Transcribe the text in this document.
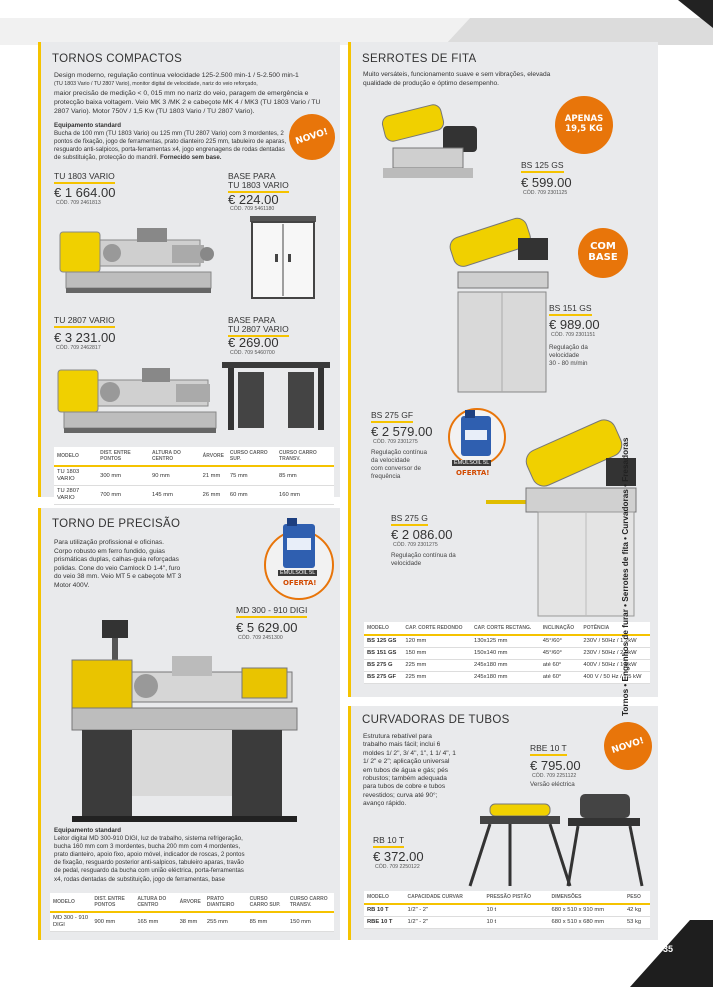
TORNOS COMPACTOS
Design moderno, regulação contínua velocidade 125-2.500 min-1 / 5-2.500 min-1
(TU 1803 Vario / TU 2807 Vario), monitor digital de velocidade, nariz do veio reforçado,
maior precisão de medição < 0, 015 mm no nariz do veio, paragem de emergência e
protecção baixa voltagem. Veio MK 3 /MK 2 e cabeçote MK 4 / MK3 (TU 1803 Vario / TU
2807 Vario). Motor 750V / 1,5 Kw (TU 1803 Vario / TU 2807 Vario).
Equipamento standard
Bucha de 100 mm (TU 1803 Vario) ou 125 mm (TU 2807 Vario) com 3 mordentes, 2
pontos de fixação, jogo de ferramentas, prato dianteiro 225 mm, tabuleiro de aparas,
resguardo anti-salpicos, porta-ferramentas x4, jogo engrenagens de rodas dentadas
de substituição, protecção do mandril. Fornecido sem base.
NOVO!
TU 1803 VARIO
€ 1 664.00
CÓD. 709 2461813
BASE PARA
TU 1803 VARIO
€ 224.00
CÓD. 709 5461180
TU 2807 VARIO
€ 3 231.00
CÓD. 709 2462817
BASE PARA
TU 2807 VARIO
€ 269.00
CÓD. 709 5460700
MODELO	DIST. ENTRE PONTOS	ALTURA DO CENTRO	ÁRVORE	CURSO CARRO SUP.	CURSO CARRO TRANSV.
TU 1803 VARIO	300 mm	90 mm	21 mm	75 mm	85 mm
TU 2807 VARIO	700 mm	145 mm	26 mm	60 mm	160 mm
TORNO DE PRECISÃO
Para utilização profissional e oficinas.
Corpo robusto em ferro fundido, guias
prismáticas duplas, calhas-guia reforçadas
polidas. Cone do veio Camlock D 1-4", furo
do veio 38 mm. Veio MT 5 e cabeçote MT 3
Motor 400V.
EMULSOIL 5L
OFERTA!
MD 300 - 910 DIGI
€ 5 629.00
CÓD. 709 2451300
Equipamento standard
Leitor digital MD 300-910 DIGI, luz de trabalho, sistema refrigeração,
bucha 160 mm com 3 mordentes, bucha 200 mm com 4 mordentes,
prato dianteiro, apoio fixo, apoio móvel, indicador de roscas, 2 pontos
de fixação, resguardo posterior anti-salpicos, tabuleiro aparas, travão
de pedal, resguardo da bucha com união eléctrica, porta-ferramentas
x4, rodas dentadas de substituição, jogo de ferramentas, base
MODELO	DIST. ENTRE PONTOS	ALTURA DO CENTRO	ÁRVORE	PRATO DIANTEIRO	CURSO CARRO SUP.	CURSO CARRO TRANSV.
MD 300 - 910 DIGI	900 mm	165 mm	38 mm	255 mm	85 mm	150 mm
SERROTES DE FITA
Muito versáteis, funcionamento suave e sem vibrações, elevada
qualidade de produção e óptimo desempenho.
APENAS
19,5 KG
BS 125 GS
€ 599.00
CÓD. 709 2301125
COM
BASE
BS 151 GS
€ 989.00
CÓD. 709 2301151
Regulação da
velocidade
30 - 80 m/min
BS 275 GF
€ 2 579.00
CÓD. 709 2301275
Regulação contínua
da velocidade
com conversor de
frequência
EMULSOIL 5L
OFERTA!
BS 275 G
€ 2 086.00
CÓD. 709 2301275
Regulação contínua da
velocidade
MODELO	CAP. CORTE REDONDO	CAP. CORTE RECTANG.	INCLINAÇÃO	POTÊNCIA
BS 125 GS	120 mm	130x125 mm	45°/60°	230V / 50Hz / 1,2kW
BS 151 GS	150 mm	150x140 mm	45°/60°	230V / 50Hz / 2,0kW
BS 275 G	225 mm	245x180 mm	até 60°	400V / 50Hz / 1,1kW
BS 275 GF	225 mm	245x180 mm	até 60°	400 V / 50 Hz / 1,5 kW
CURVADORAS DE TUBOS
Estrutura rebatível para
trabalho mais fácil; inclui 6
moldes 1/ 2", 3/ 4", 1", 1 1/ 4", 1
1/ 2" e 2"; aplicação universal
em tubos de água e gás; pés
robustos; também adequada
para tubos de cobre e tubos
revestidos; curva até 90°;
avanço rápido.
NOVO!
RBE 10 T
€ 795.00
CÓD. 709 2251122
Versão eléctrica
RB 10 T
€ 372.00
CÓD. 709 2250122
MODELO	CAPACIDADE CURVAR	PRESSÃO PISTÃO	DIMENSÕES	PESO
RB 10 T	1/2" - 2"	10 t	680 x 510 x 910 mm	42 kg
RBE 10 T	1/2" - 2"	10 t	680 x 510 x 680 mm	53 kg
Tornos • Engenhos de furar • Serrotes de fita • Curvadoras • Fresadoras
35
